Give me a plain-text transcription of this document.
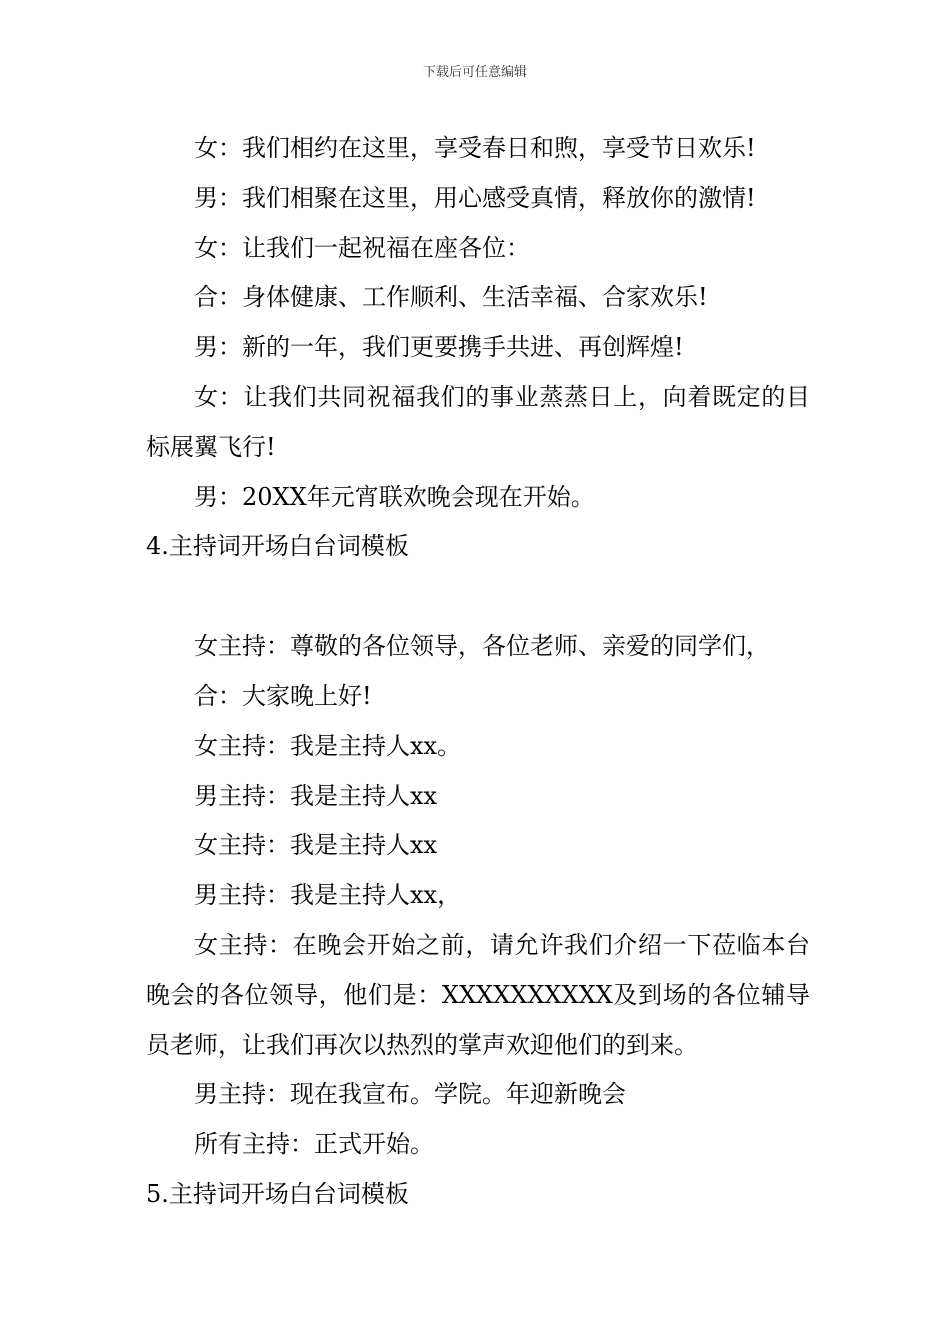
下载后可任意编辑

女：我们相约在这里，享受春日和煦，享受节日欢乐!

男：我们相聚在这里，用心感受真情，释放你的激情!

女：让我们一起祝福在座各位：

合：身体健康、工作顺利、生活幸福、合家欢乐!

男：新的一年，我们更要携手共进、再创辉煌!

女：让我们共同祝福我们的事业蒸蒸日上，向着既定的目标展翼飞行!

男：20XX年元宵联欢晚会现在开始。

4.主持词开场白台词模板

女主持：尊敬的各位领导，各位老师、亲爱的同学们，

合：大家晚上好!

女主持：我是主持人xx。

男主持：我是主持人xx

女主持：我是主持人xx

男主持：我是主持人xx，

女主持：在晚会开始之前，请允许我们介绍一下莅临本台晚会的各位领导，他们是：XXXXXXXXXX及到场的各位辅导员老师，让我们再次以热烈的掌声欢迎他们的到来。

男主持：现在我宣布。学院。年迎新晚会

所有主持：正式开始。

5.主持词开场白台词模板
